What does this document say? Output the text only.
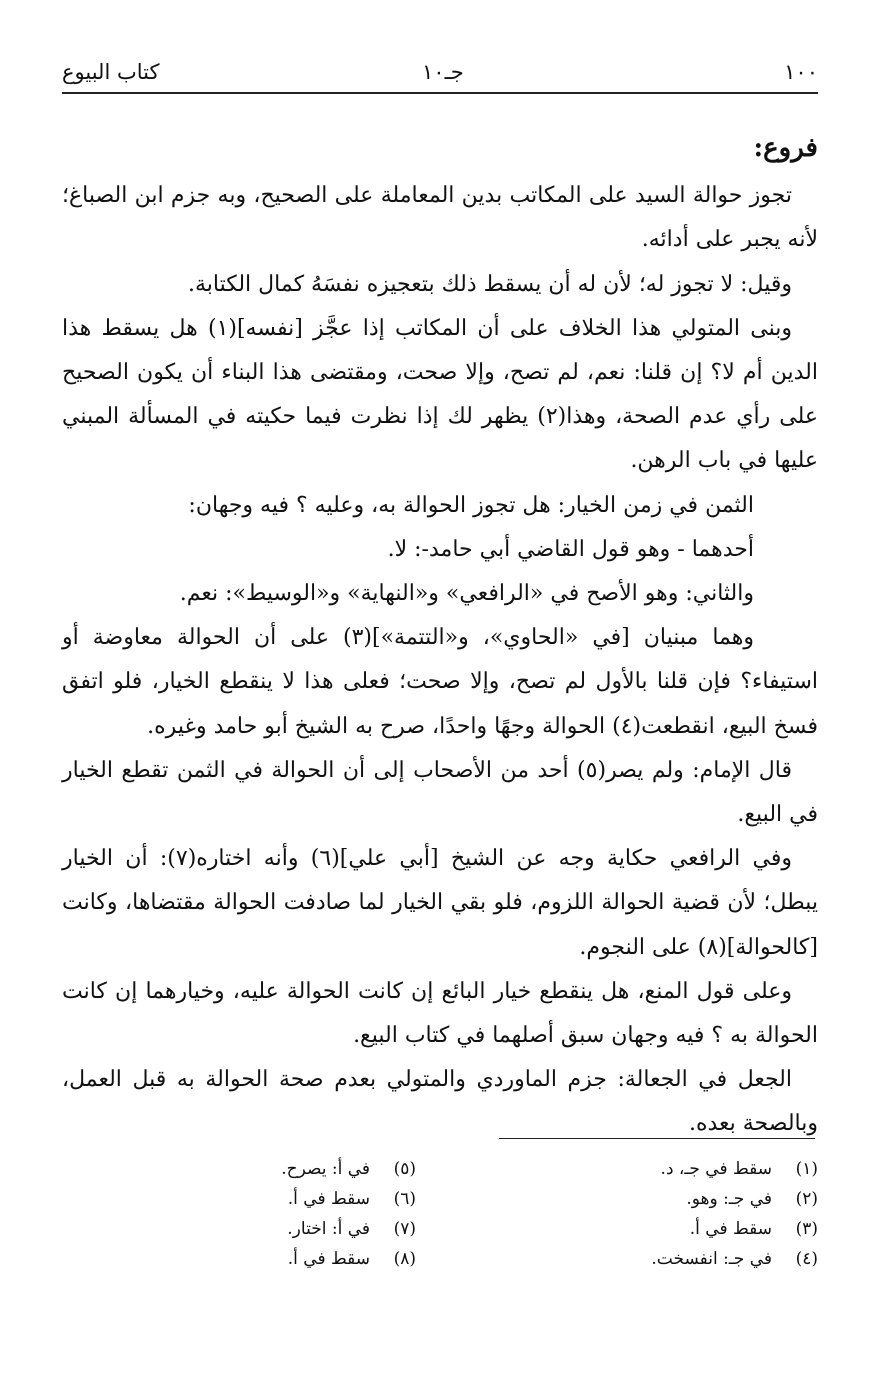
١٠٠
جـ١٠
كتاب البيوع

فروع:

تجوز حوالة السيد على المكاتب بدين المعاملة على الصحيح، وبه جزم ابن الصباغ؛ لأنه يجبر على أدائه.

وقيل: لا تجوز له؛ لأن له أن يسقط ذلك بتعجيزه نفسَهُ كمال الكتابة.

وبنى المتولي هذا الخلاف على أن المكاتب إذا عجَّز [نفسه](١) هل يسقط هذا الدين أم لا؟ إن قلنا: نعم، لم تصح، وإلا صحت، ومقتضى هذا البناء أن يكون الصحيح على رأي عدم الصحة، وهذا(٢) يظهر لك إذا نظرت فيما حكيته في المسألة المبني عليها في باب الرهن.

الثمن في زمن الخيار: هل تجوز الحوالة به، وعليه ؟ فيه وجهان:

أحدهما - وهو قول القاضي أبي حامد-: لا.

والثاني: وهو الأصح في «الرافعي» و«النهاية» و«الوسيط»: نعم.

وهما مبنيان [في «الحاوي»، و«التتمة»](٣) على أن الحوالة معاوضة أو استيفاء؟ فإن قلنا بالأول لم تصح، وإلا صحت؛ فعلى هذا لا ينقطع الخيار، فلو اتفق فسخ البيع، انقطعت(٤) الحوالة وجهًا واحدًا، صرح به الشيخ أبو حامد وغيره.

قال الإمام: ولم يصر(٥) أحد من الأصحاب إلى أن الحوالة في الثمن تقطع الخيار في البيع.

وفي الرافعي حكاية وجه عن الشيخ [أبي علي](٦) وأنه اختاره(٧): أن الخيار يبطل؛ لأن قضية الحوالة اللزوم، فلو بقي الخيار لما صادفت الحوالة مقتضاها، وكانت [كالحوالة](٨) على النجوم.

وعلى قول المنع، هل ينقطع خيار البائع إن كانت الحوالة عليه، وخيارهما إن كانت الحوالة به ؟ فيه وجهان سبق أصلهما في كتاب البيع.

الجعل في الجعالة: جزم الماوردي والمتولي بعدم صحة الحوالة به قبل العمل، وبالصحة بعده.

(١)
سقط في جـ، د.
(٢)
في جـ: وهو.
(٣)
سقط في أ.
(٤)
في جـ: انفسخت.
(٥)
في أ: يصرح.
(٦)
سقط في أ.
(٧)
في أ: اختار.
(٨)
سقط في أ.
